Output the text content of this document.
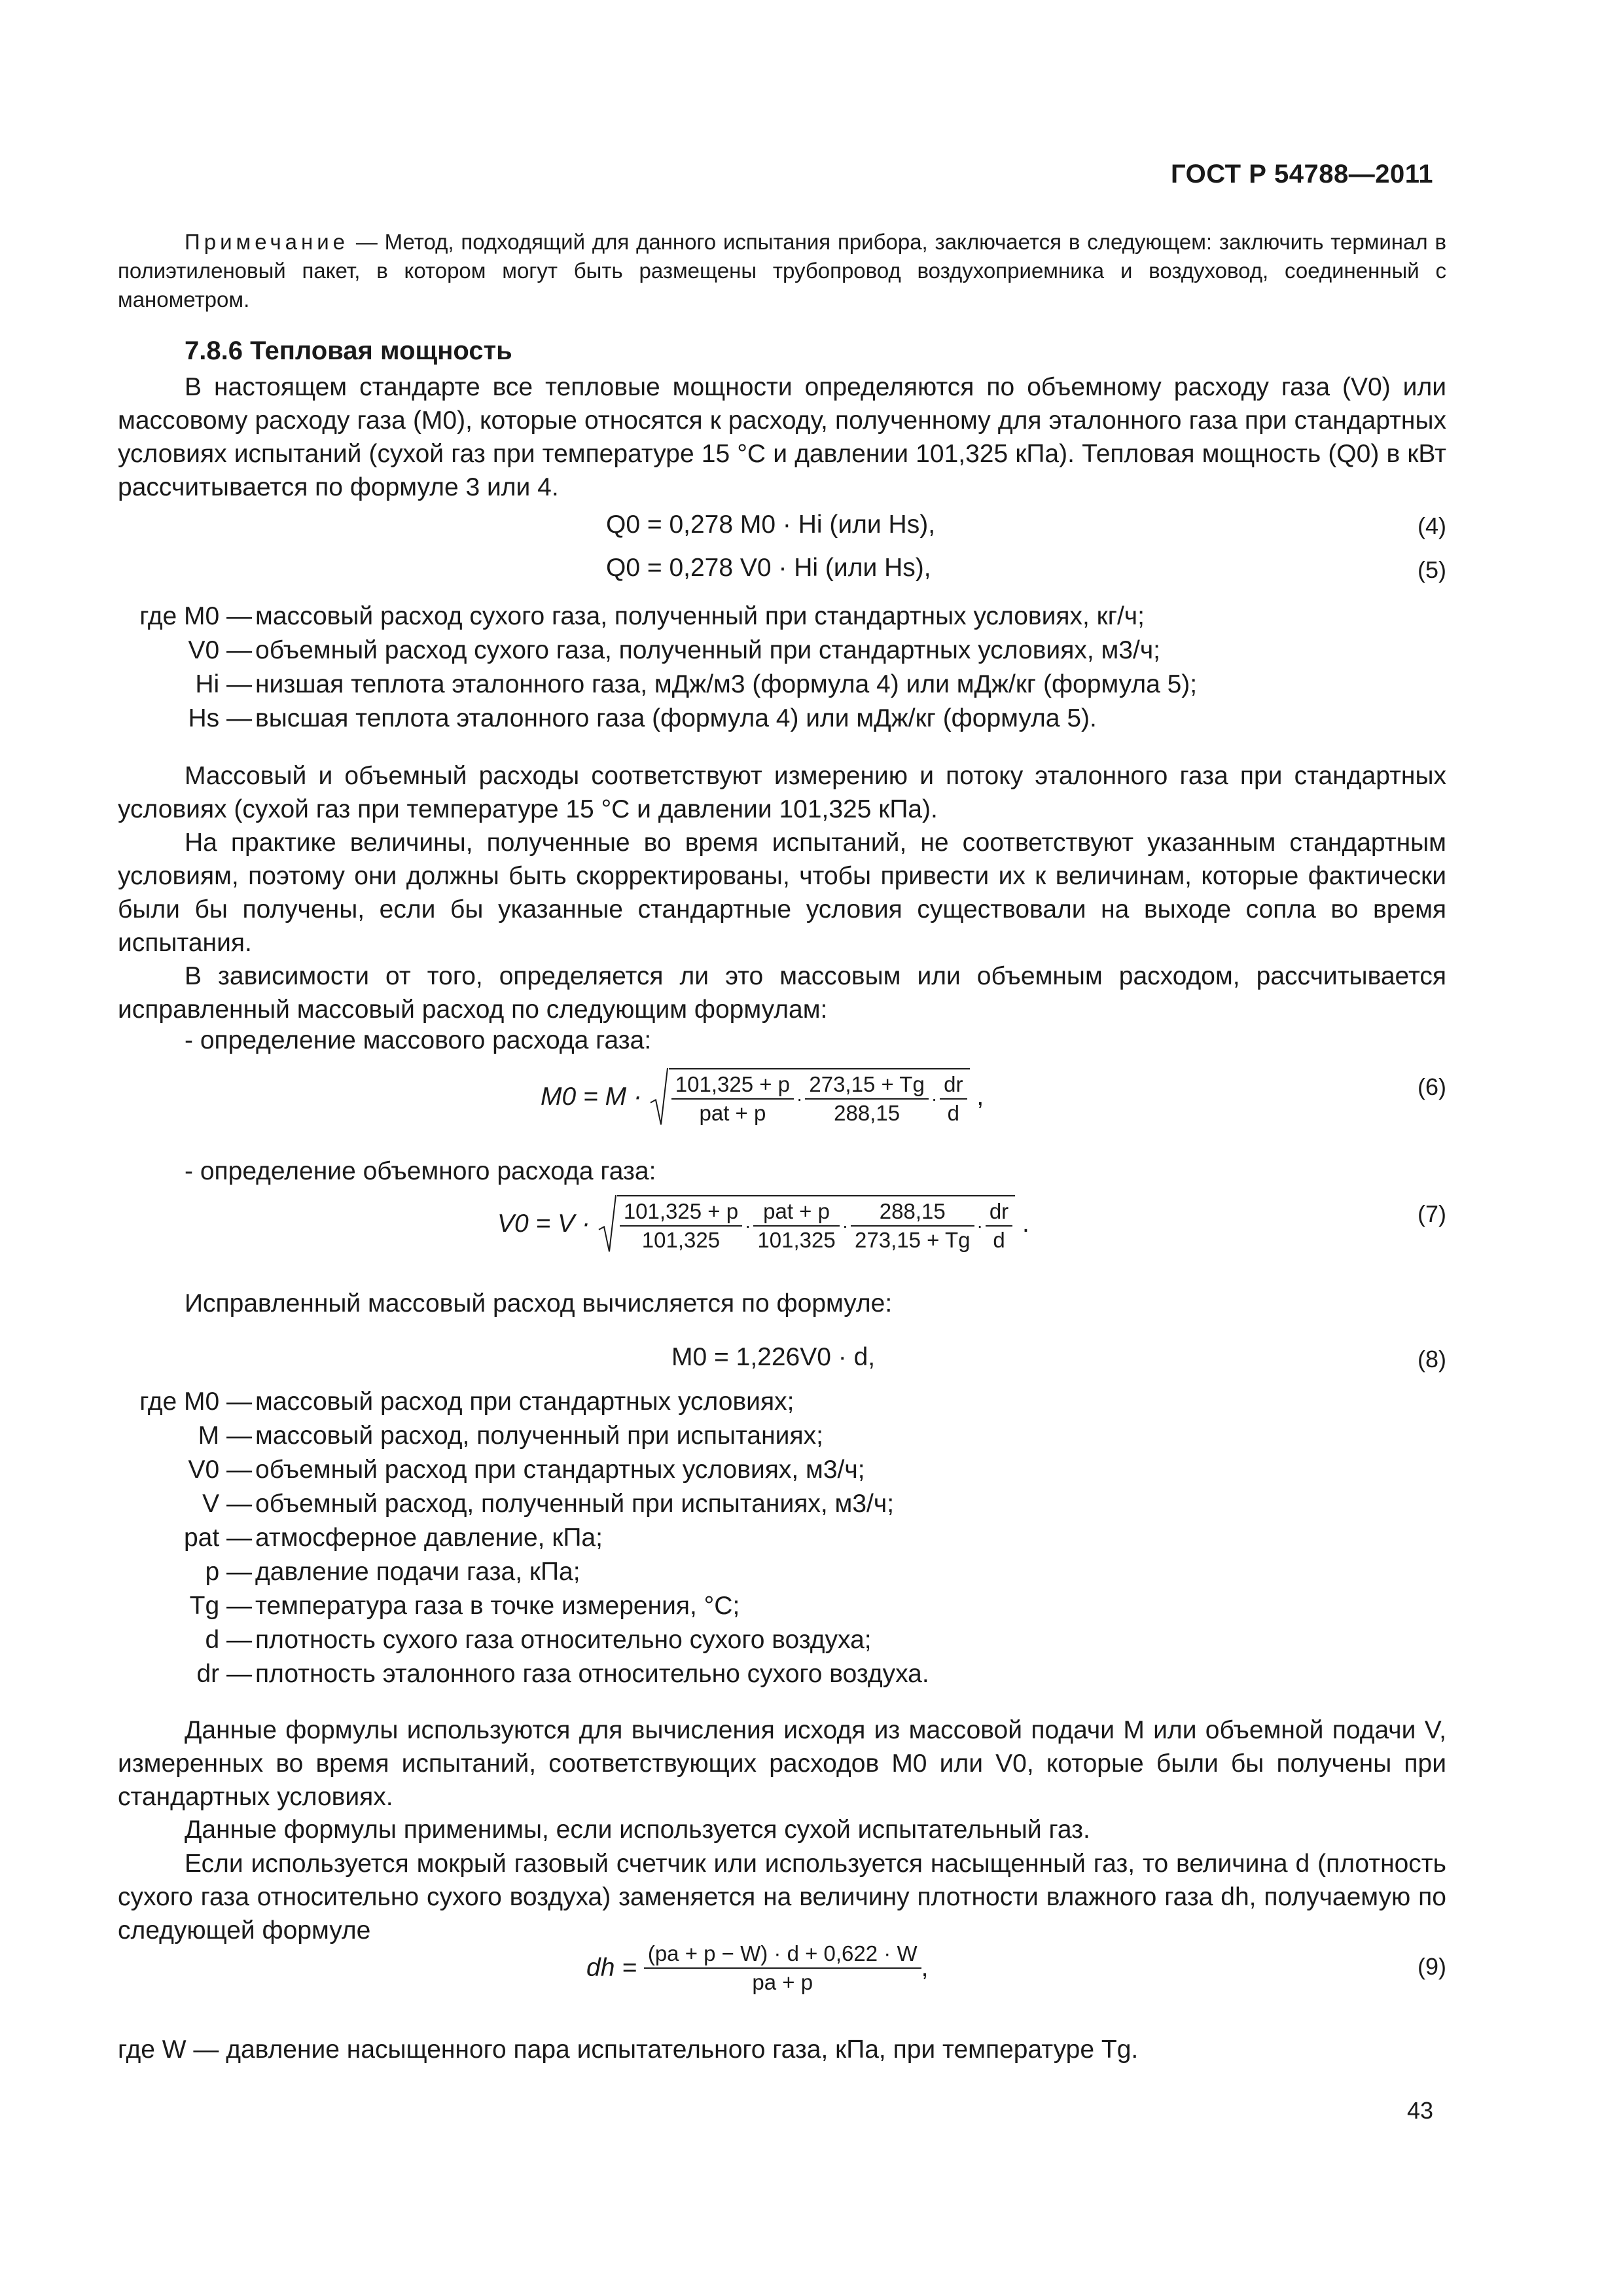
ГОСТ Р 54788—2011
Примечание — Метод, подходящий для данного испытания прибора, заключается в следующем: заключить терминал в полиэтиленовый пакет, в котором могут быть размещены трубопровод воздухоприемника и воздуховод, соединенный с манометром.
7.8.6 Тепловая мощность
В настоящем стандарте все тепловые мощности определяются по объемному расходу газа (V0) или массовому расходу газа (M0), которые относятся к расходу, полученному для эталонного газа при стандартных условиях испытаний (сухой газ при температуре 15 °C и давлении 101,325 кПа). Тепловая мощность (Q0) в кВт рассчитывается по формуле 3 или 4.
Q0 = 0,278 M0 · Hi (или Hs),	(4)
Q0 = 0,278 V0 · Hi (или Hs),	(5)
где M0 — массовый расход сухого газа, полученный при стандартных условиях, кг/ч;
V0 — объемный расход сухого газа, полученный при стандартных условиях, м3/ч;
Hi — низшая теплота эталонного газа, мДж/м3 (формула 4) или мДж/кг (формула 5);
Hs — высшая теплота эталонного газа (формула 4) или мДж/кг (формула 5).
Массовый и объемный расходы соответствуют измерению и потоку эталонного газа при стандартных условиях (сухой газ при температуре 15 °C и давлении 101,325 кПа).
На практике величины, полученные во время испытаний, не соответствуют указанным стандартным условиям, поэтому они должны быть скорректированы, чтобы привести их к величинам, которые фактически были бы получены, если бы указанные стандартные условия существовали на выходе сопла во время испытания.
В зависимости от того, определяется ли это массовым или объемным расходом, рассчитывается исправленный массовый расход по следующим формулам:
- определение массового расхода газа:
$M0 = M \cdot \frac{101,325 + p}{\text{pat + p}} \cdot \frac{273,15 + Tg}{288,15} \cdot \frac{dr}{d}$ ,	(6)
- определение объемного расхода газа:
$V0 = V \cdot \frac{101,325 + p}{101,325} \cdot \frac{\text{pat + p}}{101,325} \cdot \frac{288,15}{273,15 + Tg} \cdot \frac{dr}{d}$ .	(7)
Исправленный массовый расход вычисляется по формуле:
M0 = 1,226V0 · d,	(8)
где M0 — массовый расход при стандартных условиях;
M — массовый расход, полученный при испытаниях;
V0 — объемный расход при стандартных условиях, м3/ч;
V — объемный расход, полученный при испытаниях, м3/ч;
pat — атмосферное давление, кПа;
p — давление подачи газа, кПа;
Tg — температура газа в точке измерения, °С;
d — плотность сухого газа относительно сухого воздуха;
dr — плотность эталонного газа относительно сухого воздуха.
Данные формулы используются для вычисления исходя из массовой подачи M или объемной подачи V, измеренных во время испытаний, соответствующих расходов M0 или V0, которые были бы получены при стандартных условиях.
Данные формулы применимы, если используется сухой испытательный газ.
Если используется мокрый газовый счетчик или используется насыщенный газ, то величина d (плотность сухого газа относительно сухого воздуха) заменяется на величину плотности влажного газа dh, получаемую по следующей формуле
dh = $\frac{(pa + p - W) \cdot d + 0,622 \cdot W}{pa + p}$ ,	(9)
где W — давление насыщенного пара испытательного газа, кПа, при температуре Tg.
43
